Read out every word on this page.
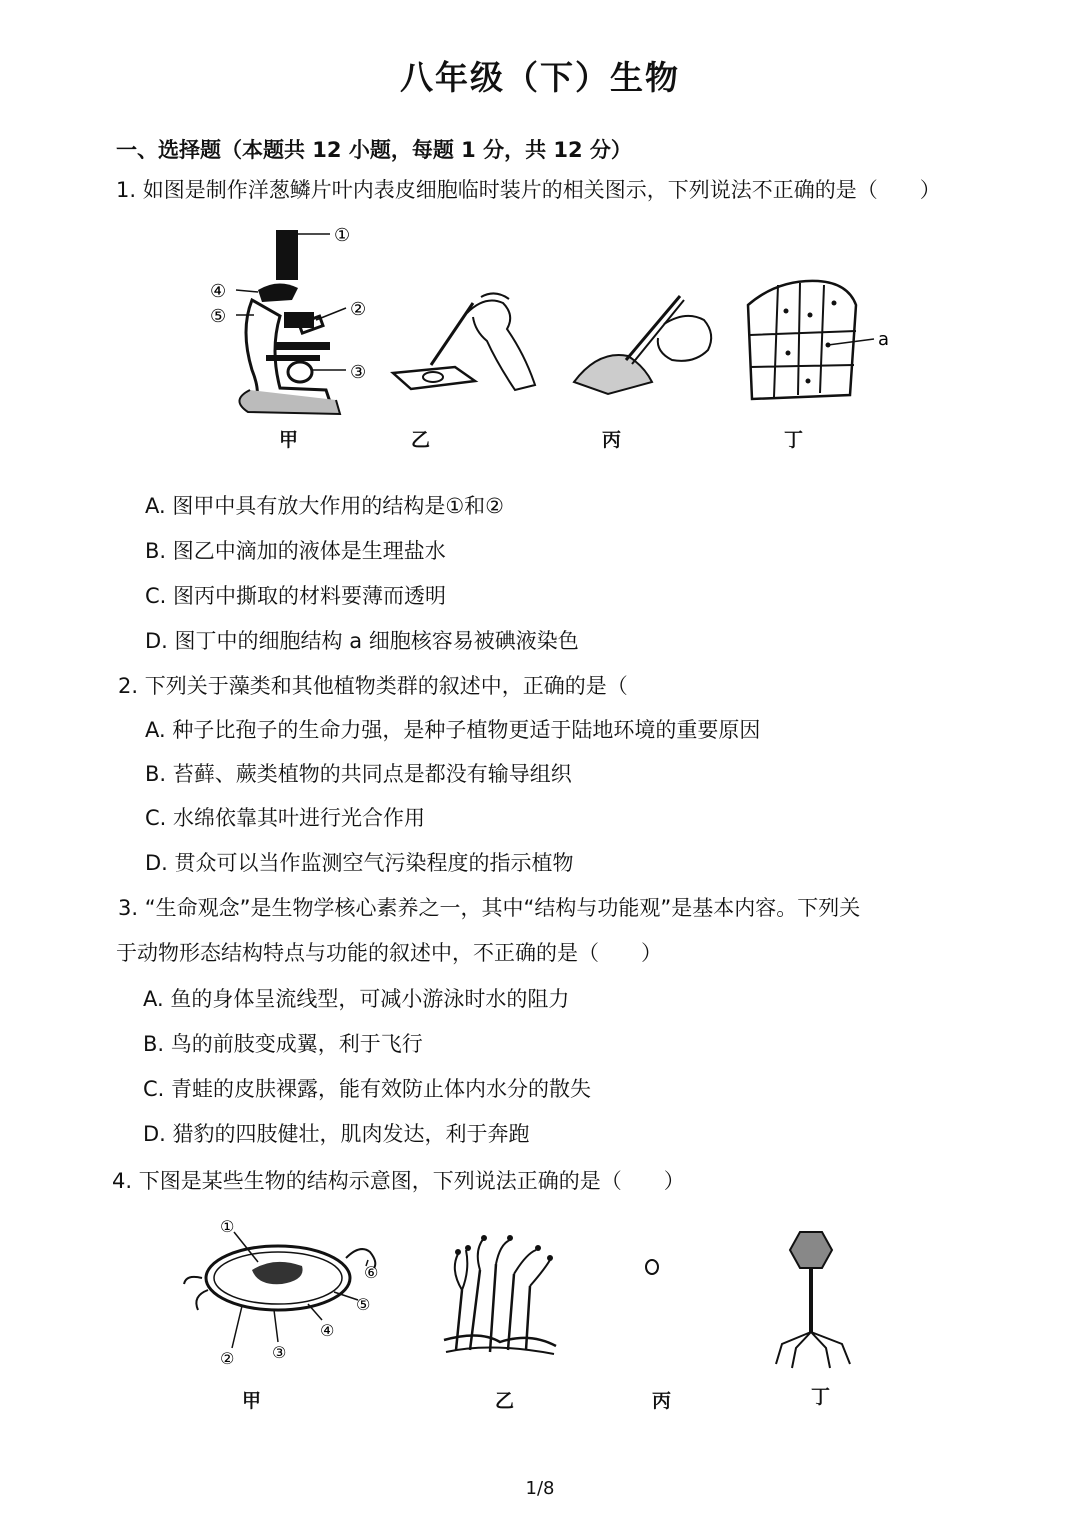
八年级（下）生物
一、选择题（本题共 12 小题，每题 1 分，共 12 分）
1. 如图是制作洋葱鳞片叶内表皮细胞临时装片的相关图示，下列说法不正确的是（　　）
①
②
③
④
⑤
a
甲	乙	丙	丁
A. 图甲中具有放大作用的结构是①和②
B. 图乙中滴加的液体是生理盐水
C. 图丙中撕取的材料要薄而透明
D. 图丁中的细胞结构 a 细胞核容易被碘液染色
2. 下列关于藻类和其他植物类群的叙述中，正确的是（
A. 种子比孢子的生命力强，是种子植物更适于陆地环境的重要原因
B. 苔藓、蕨类植物的共同点是都没有输导组织
C. 水绵依靠其叶进行光合作用
D. 贯众可以当作监测空气污染程度的指示植物
3. “生命观念”是生物学核心素养之一，其中“结构与功能观”是基本内容。下列关
于动物形态结构特点与功能的叙述中，不正确的是（　　）
A. 鱼的身体呈流线型，可减小游泳时水的阻力
B. 鸟的前肢变成翼，利于飞行
C. 青蛙的皮肤裸露，能有效防止体内水分的散失
D. 猎豹的四肢健壮，肌肉发达，利于奔跑
4. 下图是某些生物的结构示意图，下列说法正确的是（　　）
①
② ③
④
⑤
⑥
甲	乙	丙	丁
1/8
